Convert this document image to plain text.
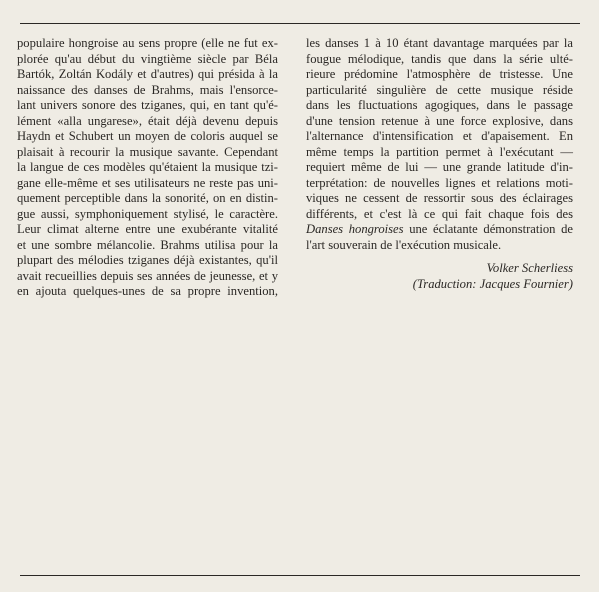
populaire hongroise au sens propre (elle ne fut ex-
plorée qu'au début du vingtième siècle par Béla
Bartók, Zoltán Kodály et d'autres) qui présida à la
naissance des danses de Brahms, mais l'ensorce-
lant univers sonore des tziganes, qui, en tant qu'é-
lément «alla ungarese», était déjà devenu depuis
Haydn et Schubert un moyen de coloris auquel se
plaisait à recourir la musique savante. Cependant
la langue de ces modèles qu'étaient la musique tzi-
gane elle-même et ses utilisateurs ne reste pas uni-
quement perceptible dans la sonorité, on en distin-
gue aussi, symphoniquement stylisé, le caractère.
Leur climat alterne entre une exubérante vitalité
et une sombre mélancolie. Brahms utilisa pour la
plupart des mélodies tziganes déjà existantes, qu'il
avait recueillies depuis ses années de jeunesse, et y
en ajouta quelques-unes de sa propre invention,
les danses 1 à 10 étant davantage marquées par la
fougue mélodique, tandis que dans la série ulté-
rieure prédomine l'atmosphère de tristesse. Une
particularité singulière de cette musique réside
dans les fluctuations agogiques, dans le passage
d'une tension retenue à une force explosive, dans
l'alternance d'intensification et d'apaisement. En
même temps la partition permet à l'exécutant —
requiert même de lui — une grande latitude d'in-
terprétation: de nouvelles lignes et relations moti-
viques ne cessent de ressortir sous des éclairages
différents, et c'est là ce qui fait chaque fois des
Danses hongroises une éclatante démonstration de
l'art souverain de l'exécution musicale.
Volker Scherliess
(Traduction: Jacques Fournier)
